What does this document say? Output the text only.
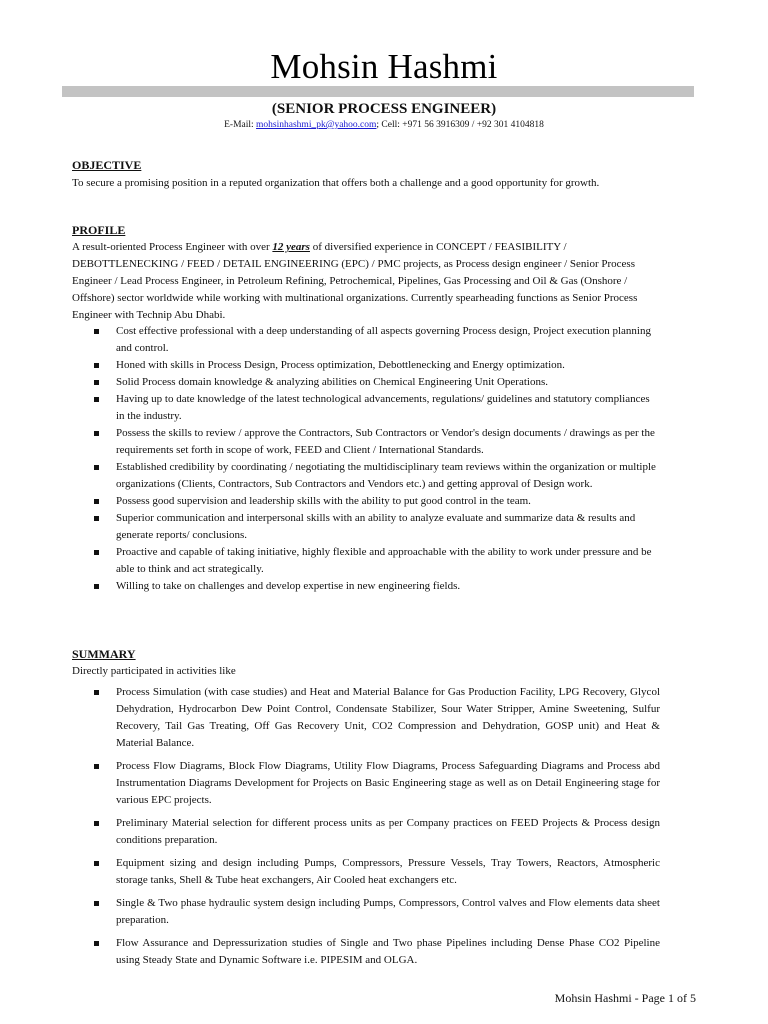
Mohsin Hashmi
(SENIOR PROCESS ENGINEER)
E-Mail: mohsinhashmi_pk@yahoo.com; Cell: +971 56 3916309 / +92 301 4104818
OBJECTIVE
To secure a promising position in a reputed organization that offers both a challenge and a good opportunity for growth.
PROFILE
A result-oriented Process Engineer with over 12 years of diversified experience in CONCEPT / FEASIBILITY / DEBOTTLENECKING / FEED / DETAIL ENGINEERING (EPC) / PMC projects, as Process design engineer / Senior Process Engineer / Lead Process Engineer, in Petroleum Refining, Petrochemical, Pipelines, Gas Processing and Oil & Gas (Onshore / Offshore) sector worldwide while working with multinational organizations. Currently spearheading functions as Senior Process Engineer with Technip Abu Dhabi.
Cost effective professional with a deep understanding of all aspects governing Process design, Project execution planning and control.
Honed with skills in Process Design, Process optimization, Debottlenecking and Energy optimization.
Solid Process domain knowledge & analyzing abilities on Chemical Engineering Unit Operations.
Having up to date knowledge of the latest technological advancements, regulations/ guidelines and statutory compliances in the industry.
Possess the skills to review / approve the Contractors, Sub Contractors or Vendor's design documents / drawings as per the requirements set forth in scope of work, FEED and Client / International Standards.
Established credibility by coordinating / negotiating the multidisciplinary team reviews within the organization or multiple organizations (Clients, Contractors, Sub Contractors and Vendors etc.) and getting approval of Design work.
Possess good supervision and leadership skills with the ability to put good control in the team.
Superior communication and interpersonal skills with an ability to analyze evaluate and summarize data & results and generate reports/ conclusions.
Proactive and capable of taking initiative, highly flexible and approachable with the ability to work under pressure and be able to think and act strategically.
Willing to take on challenges and develop expertise in new engineering fields.
SUMMARY
Directly participated in activities like
Process Simulation (with case studies) and Heat and Material Balance for Gas Production Facility, LPG Recovery, Glycol Dehydration, Hydrocarbon Dew Point Control, Condensate Stabilizer, Sour Water Stripper, Amine Sweetening, Sulfur Recovery, Tail Gas Treating, Off Gas Recovery Unit, CO2 Compression and Dehydration, GOSP unit) and Heat & Material Balance.
Process Flow Diagrams, Block Flow Diagrams, Utility Flow Diagrams, Process Safeguarding Diagrams and Process abd Instrumentation Diagrams Development for Projects on Basic Engineering stage as well as on Detail Engineering stage for various EPC projects.
Preliminary Material selection for different process units as per Company practices on FEED Projects & Process design conditions preparation.
Equipment sizing and design including Pumps, Compressors, Pressure Vessels, Tray Towers, Reactors, Atmospheric storage tanks, Shell & Tube heat exchangers, Air Cooled heat exchangers etc.
Single & Two phase hydraulic system design including Pumps, Compressors, Control valves and Flow elements data sheet preparation.
Flow Assurance and Depressurization studies of Single and Two phase Pipelines including Dense Phase CO2 Pipeline using Steady State and Dynamic Software i.e. PIPESIM and OLGA.
Mohsin Hashmi - Page 1 of 5
